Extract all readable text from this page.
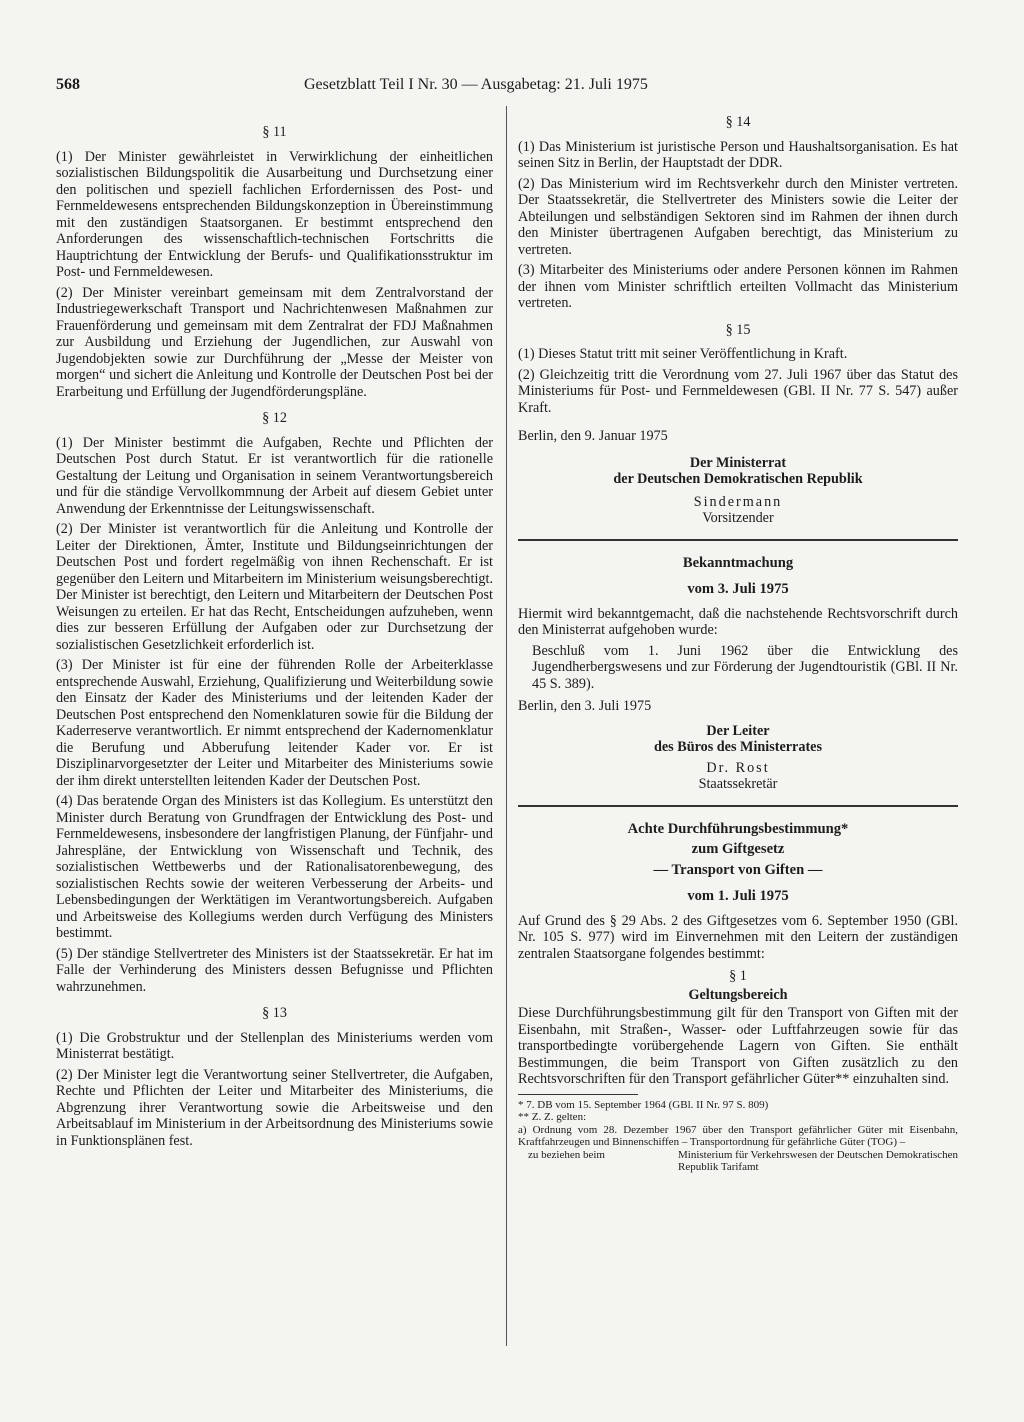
568	Gesetzblatt Teil I Nr. 30 — Ausgabetag: 21. Juli 1975
§ 11

(1) Der Minister gewährleistet in Verwirklichung der einheitlichen sozialistischen Bildungspolitik die Ausarbeitung und Durchsetzung einer den politischen und speziell fachlichen Erfordernissen des Post- und Fernmeldewesens entsprechenden Bildungskonzeption in Übereinstimmung mit den zuständigen Staatsorganen. Er bestimmt entsprechend den Anforderungen des wissenschaftlich-technischen Fortschritts die Hauptrichtung der Entwicklung der Berufs- und Qualifikationsstruktur im Post- und Fernmeldewesen.

(2) Der Minister vereinbart gemeinsam mit dem Zentralvorstand der Industriegewerkschaft Transport und Nachrichtenwesen Maßnahmen zur Frauenförderung und gemeinsam mit dem Zentralrat der FDJ Maßnahmen zur Ausbildung und Erziehung der Jugendlichen, zur Auswahl von Jugendobjekten sowie zur Durchführung der „Messe der Meister von morgen“ und sichert die Anleitung und Kontrolle der Deutschen Post bei der Erarbeitung und Erfüllung der Jugendförderungspläne.

§ 12

(1) Der Minister bestimmt die Aufgaben, Rechte und Pflichten der Deutschen Post durch Statut. Er ist verantwortlich für die rationelle Gestaltung der Leitung und Organisation in seinem Verantwortungsbereich und für die ständige Vervollkommnung der Arbeit auf diesem Gebiet unter Anwendung der Erkenntnisse der Leitungswissenschaft.

(2) Der Minister ist verantwortlich für die Anleitung und Kontrolle der Leiter der Direktionen, Ämter, Institute und Bildungseinrichtungen der Deutschen Post und fordert regelmäßig von ihnen Rechenschaft. Er ist gegenüber den Leitern und Mitarbeitern im Ministerium weisungsberechtigt. Der Minister ist berechtigt, den Leitern und Mitarbeitern der Deutschen Post Weisungen zu erteilen. Er hat das Recht, Entscheidungen aufzuheben, wenn dies zur besseren Erfüllung der Aufgaben oder zur Durchsetzung der sozialistischen Gesetzlichkeit erforderlich ist.

(3) Der Minister ist für eine der führenden Rolle der Arbeiterklasse entsprechende Auswahl, Erziehung, Qualifizierung und Weiterbildung sowie den Einsatz der Kader des Ministeriums und der leitenden Kader der Deutschen Post entsprechend den Nomenklaturen sowie für die Bildung der Kaderreserve verantwortlich. Er nimmt entsprechend der Kadernomenklatur die Berufung und Abberufung leitender Kader vor. Er ist Disziplinarvorgesetzter der Leiter und Mitarbeiter des Ministeriums sowie der ihm direkt unterstellten leitenden Kader der Deutschen Post.

(4) Das beratende Organ des Ministers ist das Kollegium. Es unterstützt den Minister durch Beratung von Grundfragen der Entwicklung des Post- und Fernmeldewesens, insbesondere der langfristigen Planung, der Fünfjahr- und Jahrespläne, der Entwicklung von Wissenschaft und Technik, des sozialistischen Wettbewerbs und der Rationalisatorenbewegung, des sozialistischen Rechts sowie der weiteren Verbesserung der Arbeits- und Lebensbedingungen der Werktätigen im Verantwortungsbereich. Aufgaben und Arbeitsweise des Kollegiums werden durch Verfügung des Ministers bestimmt.

(5) Der ständige Stellvertreter des Ministers ist der Staatssekretär. Er hat im Falle der Verhinderung des Ministers dessen Befugnisse und Pflichten wahrzunehmen.

§ 13

(1) Die Grobstruktur und der Stellenplan des Ministeriums werden vom Ministerrat bestätigt.

(2) Der Minister legt die Verantwortung seiner Stellvertreter, die Aufgaben, Rechte und Pflichten der Leiter und Mitarbeiter des Ministeriums, die Abgrenzung ihrer Verantwortung sowie die Arbeitsweise und den Arbeitsablauf im Ministerium in der Arbeitsordnung des Ministeriums sowie in Funktionsplänen fest.

§ 14

(1) Das Ministerium ist juristische Person und Haushaltsorganisation. Es hat seinen Sitz in Berlin, der Hauptstadt der DDR.

(2) Das Ministerium wird im Rechtsverkehr durch den Minister vertreten. Der Staatssekretär, die Stellvertreter des Ministers sowie die Leiter der Abteilungen und selbständigen Sektoren sind im Rahmen der ihnen durch den Minister übertragenen Aufgaben berechtigt, das Ministerium zu vertreten.

(3) Mitarbeiter des Ministeriums oder andere Personen können im Rahmen der ihnen vom Minister schriftlich erteilten Vollmacht das Ministerium vertreten.

§ 15

(1) Dieses Statut tritt mit seiner Veröffentlichung in Kraft.

(2) Gleichzeitig tritt die Verordnung vom 27. Juli 1967 über das Statut des Ministeriums für Post- und Fernmeldewesen (GBl. II Nr. 77 S. 547) außer Kraft.

Berlin, den 9. Januar 1975

Der Ministerrat
der Deutschen Demokratischen Republik
Sindermann
Vorsitzender
Bekanntmachung
vom 3. Juli 1975

Hiermit wird bekanntgemacht, daß die nachstehende Rechtsvorschrift durch den Ministerrat aufgehoben wurde:

Beschluß vom 1. Juni 1962 über die Entwicklung des Jugendherbergswesens und zur Förderung der Jugendtouristik (GBl. II Nr. 45 S. 389).

Berlin, den 3. Juli 1975

Der Leiter
des Büros des Ministerrates
Dr. Rost
Staatssekretär
Achte Durchführungsbestimmung*
zum Giftgesetz
— Transport von Giften —
vom 1. Juli 1975

Auf Grund des § 29 Abs. 2 des Giftgesetzes vom 6. September 1950 (GBl. Nr. 105 S. 977) wird im Einvernehmen mit den Leitern der zuständigen zentralen Staatsorgane folgendes bestimmt:

§ 1
Geltungsbereich

Diese Durchführungsbestimmung gilt für den Transport von Giften mit der Eisenbahn, mit Straßen-, Wasser- oder Luftfahrzeugen sowie für das transportbedingte vorübergehende Lagern von Giften. Sie enthält Bestimmungen, die beim Transport von Giften zusätzlich zu den Rechtsvorschriften für den Transport gefährlicher Güter** einzuhalten sind.

* 7. DB vom 15. September 1964 (GBl. II Nr. 97 S. 809)
** Z. Z. gelten:
a) Ordnung vom 28. Dezember 1967 über den Transport gefährlicher Güter mit Eisenbahn, Kraftfahrzeugen und Binnenschiffen – Transportordnung für gefährliche Güter (TOG) –
zu beziehen beim	Ministerium für Verkehrswesen der Deutschen Demokratischen Republik Tarifamt
